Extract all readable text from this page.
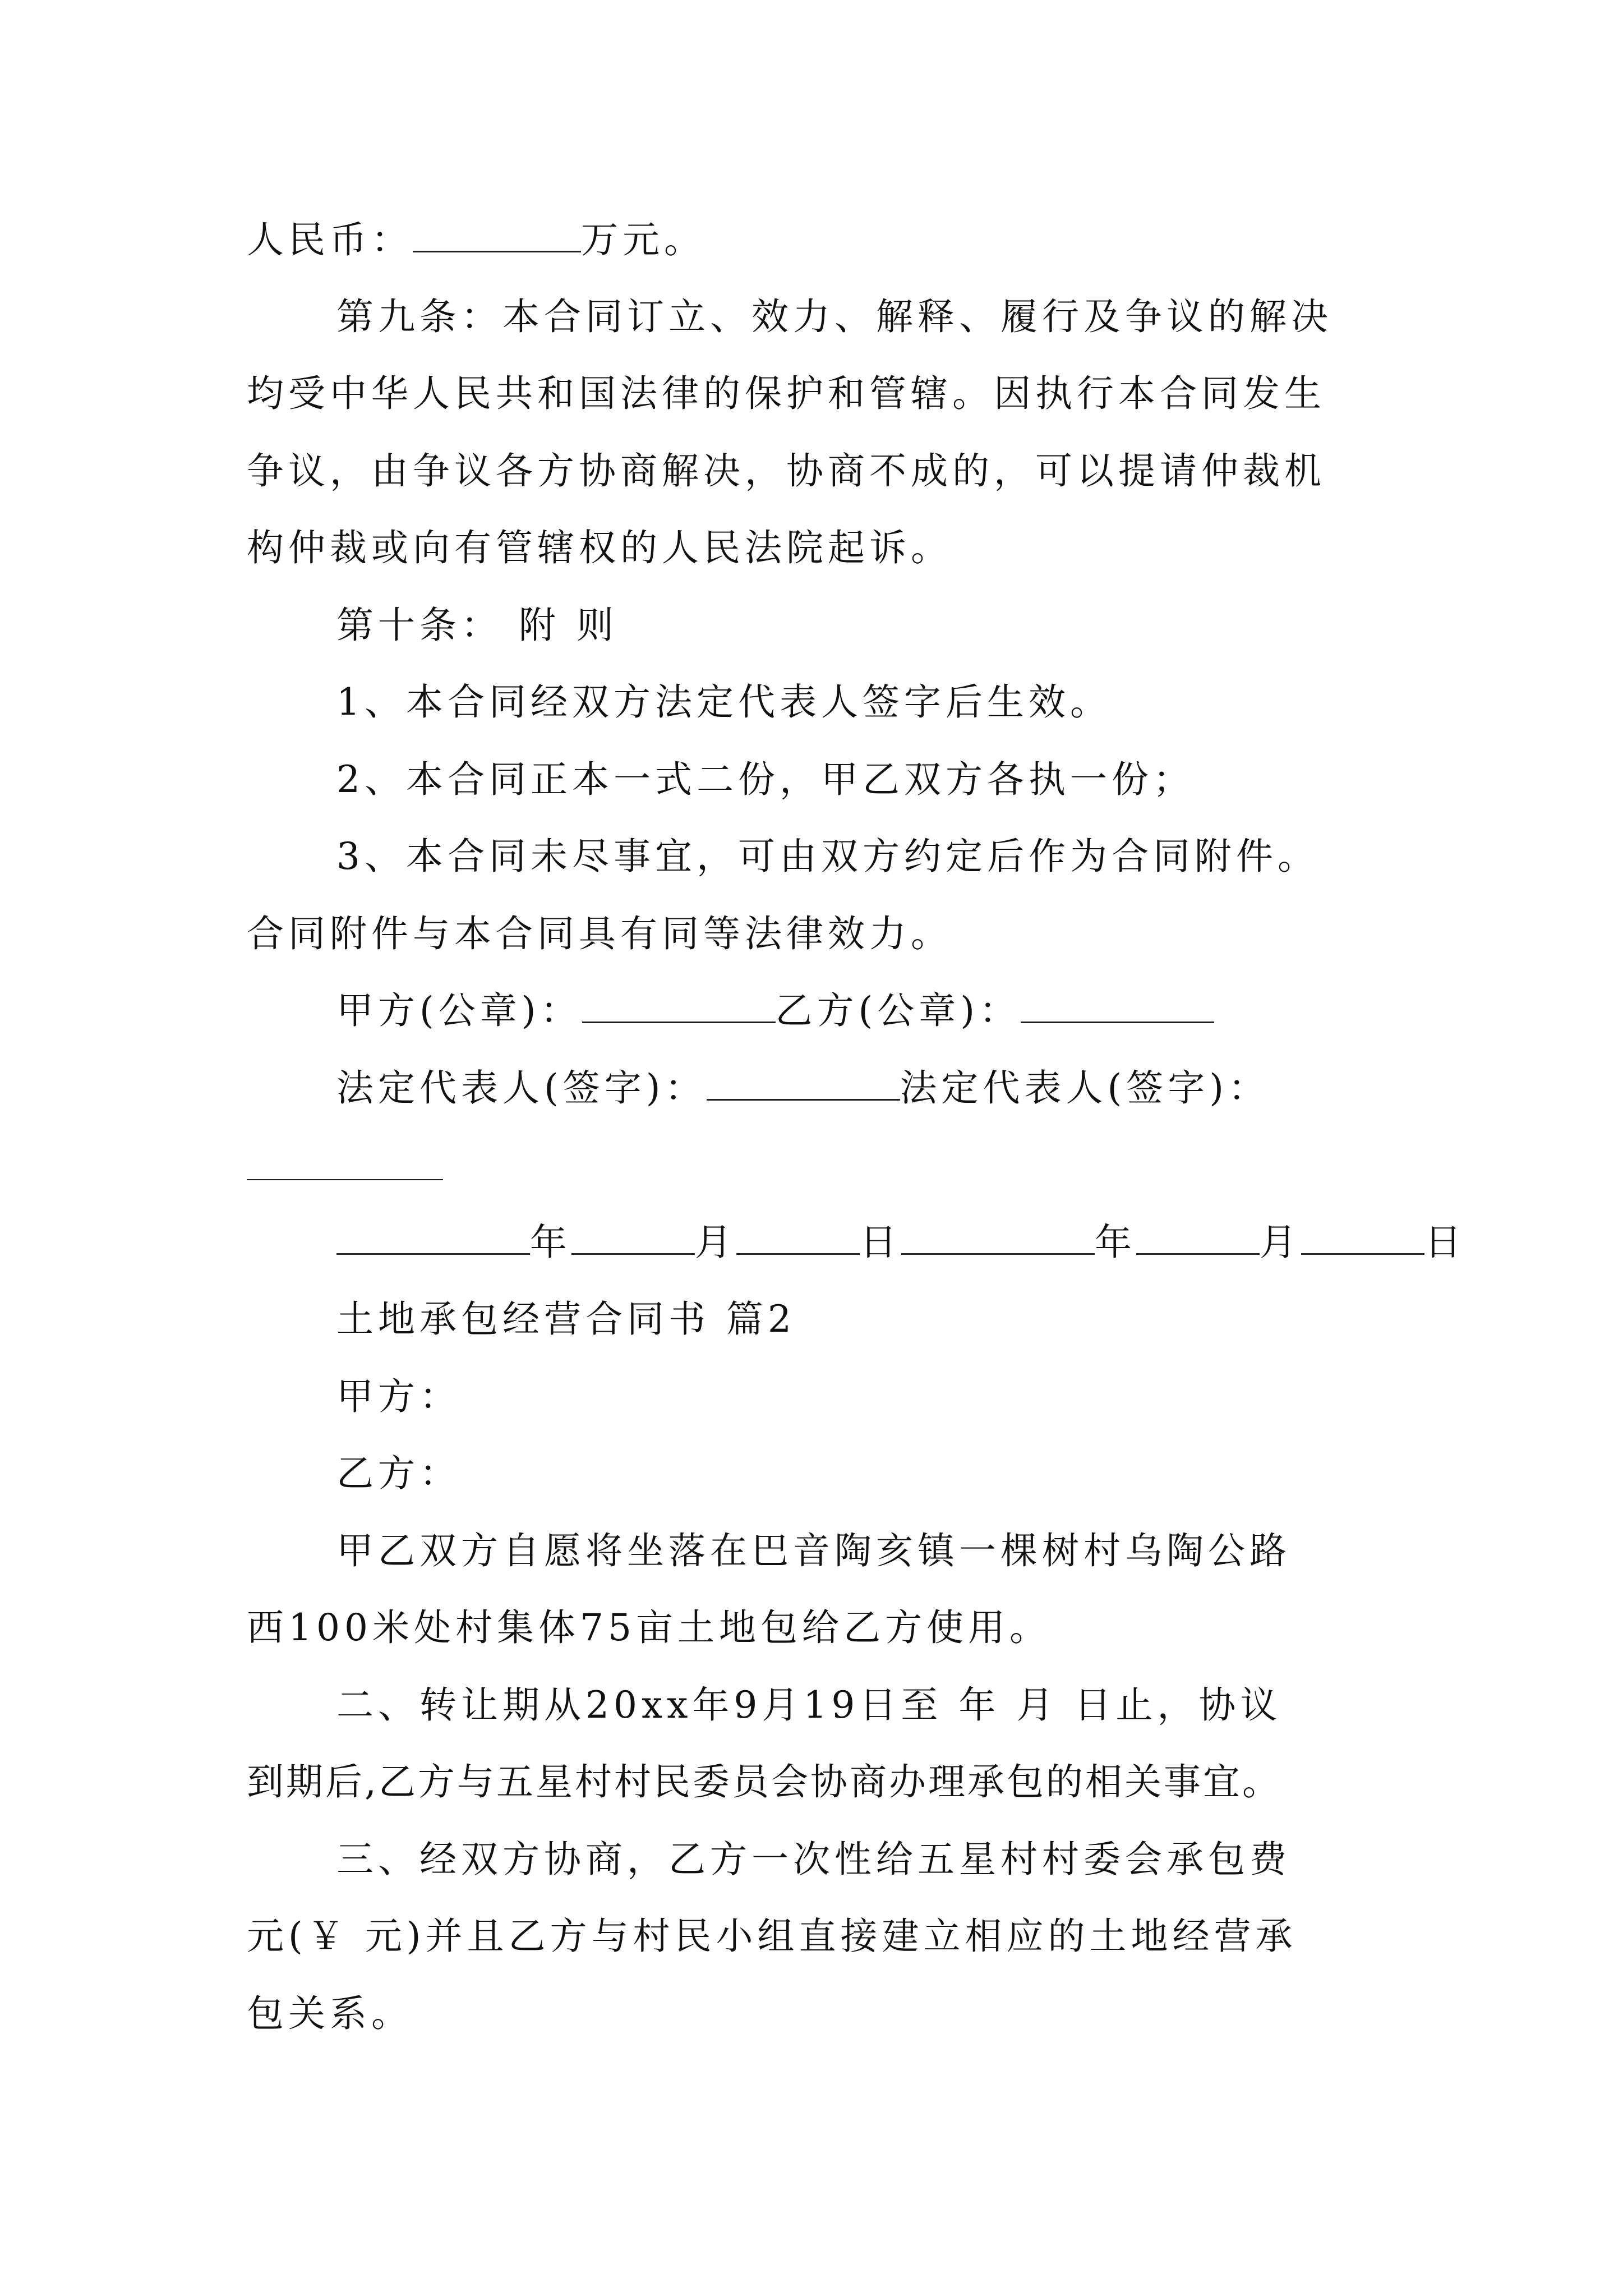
人民币：	万元。
第九条：本合同订立、效力、解释、履行及争议的解决
均受中华人民共和国法律的保护和管辖。因执行本合同发生
争议，由争议各方协商解决，协商不成的，可以提请仲裁机
构仲裁或向有管辖权的人民法院起诉。
第十条： 附 则
1、本合同经双方法定代表人签字后生效。
2、本合同正本一式二份，甲乙双方各执一份；
3、本合同未尽事宜，可由双方约定后作为合同附件。
合同附件与本合同具有同等法律效力。
甲方(公章)：	乙方(公章)：
法定代表人(签字)：	法定代表人(签字)：
年	月	日	年	月	日
土地承包经营合同书 篇2
甲方：
乙方：
甲乙双方自愿将坐落在巴音陶亥镇一棵树村乌陶公路
西100米处村集体75亩土地包给乙方使用。
二、转让期从20xx年9月19日至 年 月 日止，协议
到期后,乙方与五星村村民委员会协商办理承包的相关事宜。
三、经双方协商，乙方一次性给五星村村委会承包费
元(￥ 元)并且乙方与村民小组直接建立相应的土地经营承
包关系。
